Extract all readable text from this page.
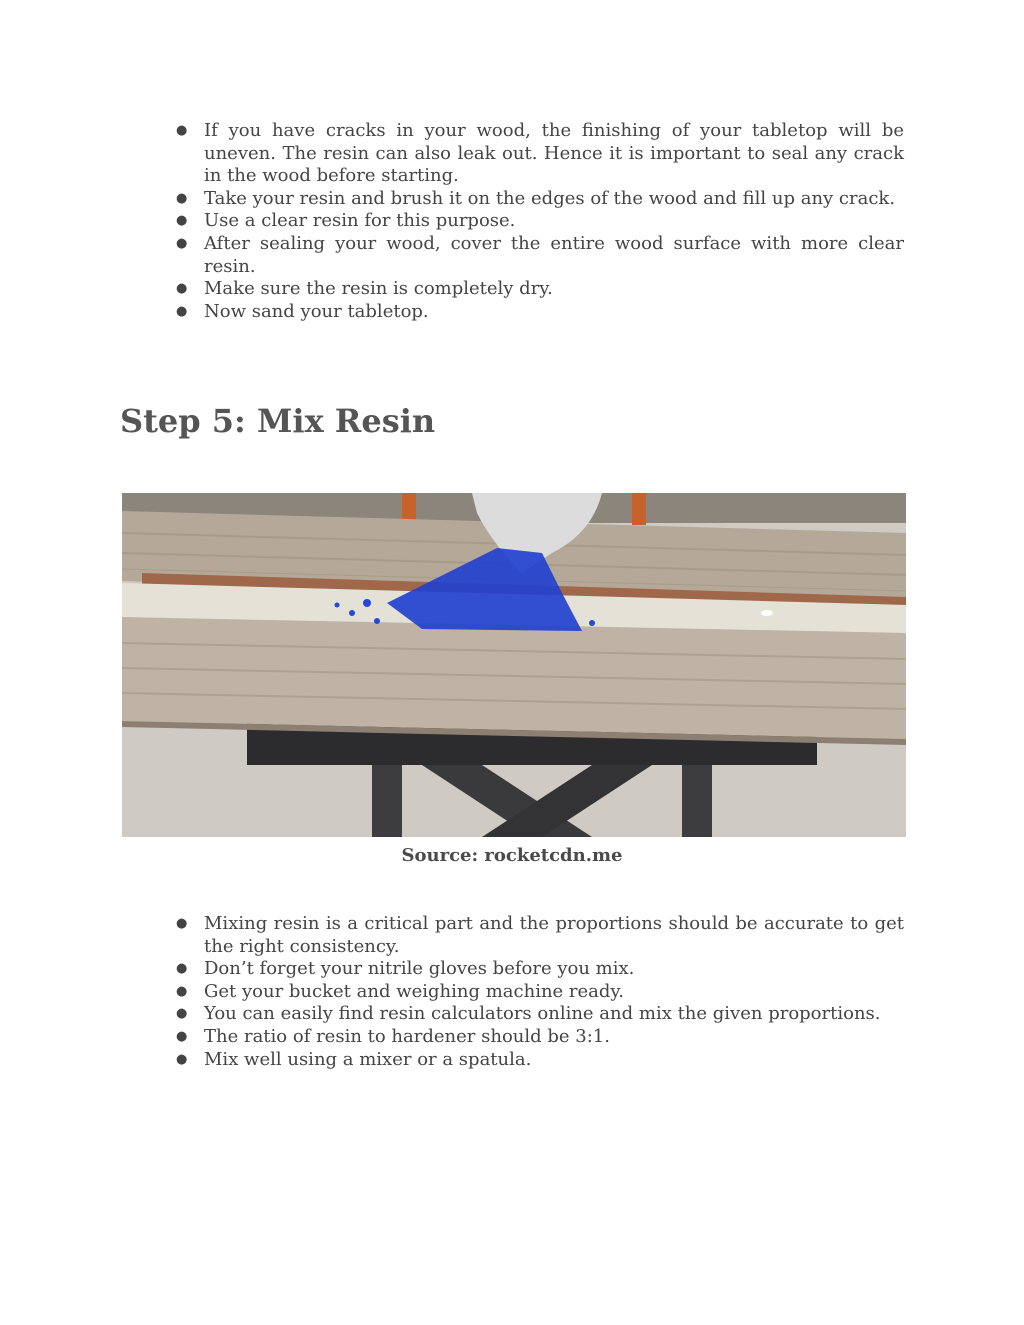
● If you have cracks in your wood, the finishing of your tabletop will be uneven. The resin can also leak out. Hence it is important to seal any crack in the wood before starting.
● Take your resin and brush it on the edges of the wood and fill up any crack.
● Use a clear resin for this purpose.
● After sealing your wood, cover the entire wood surface with more clear resin.
● Make sure the resin is completely dry.
● Now sand your tabletop.
Step 5: Mix Resin
Source: rocketcdn.me
● Mixing resin is a critical part and the proportions should be accurate to get the right consistency.
● Don’t forget your nitrile gloves before you mix.
● Get your bucket and weighing machine ready.
● You can easily find resin calculators online and mix the given proportions.
● The ratio of resin to hardener should be 3:1.
● Mix well using a mixer or a spatula.
